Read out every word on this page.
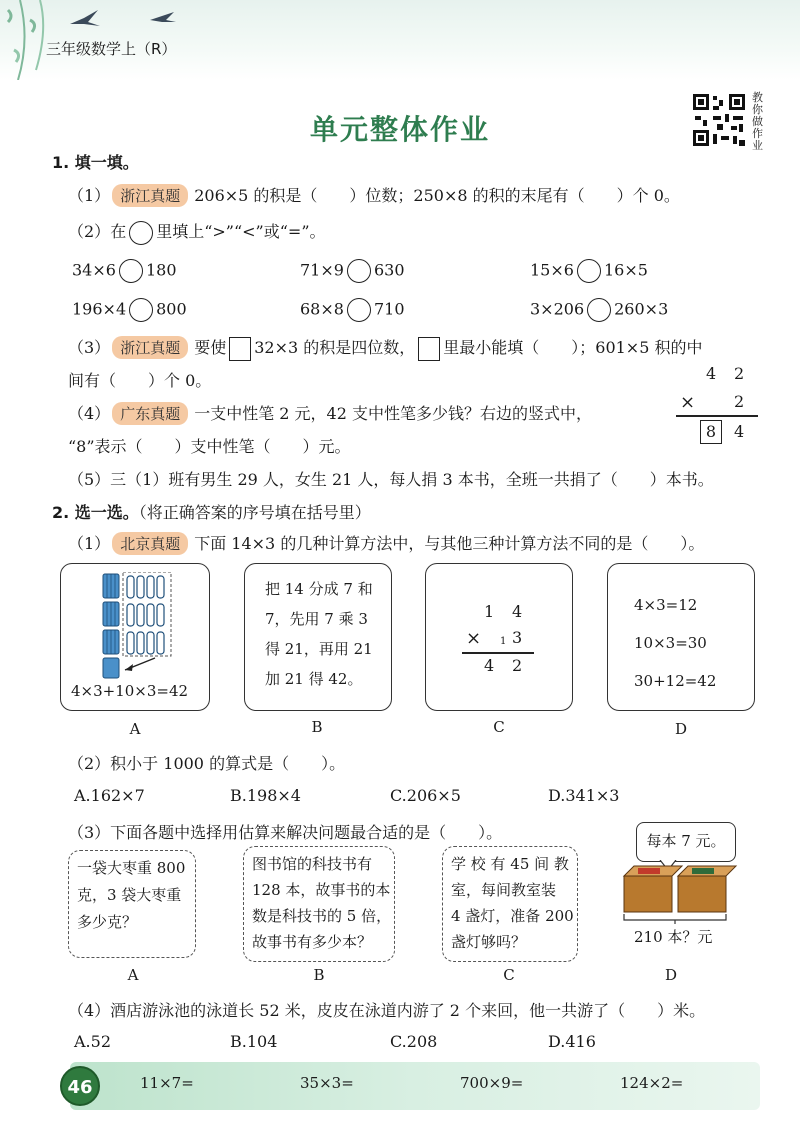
三年级数学上（R）
单元整体作业
教你做作业
1. 填一填。
（1） 浙江真题 206×5 的积是（　　）位数；250×8 的积的末尾有（　　）个 0。
（2）在 里填上“>”“<”或“=”。
34×6 180	71×9 630	15×6 16×5
196×4 800	68×8 710	3×206 260×3
（3） 浙江真题 要使 32×3 的积是四位数， 里最小能填（　　）；601×5 积的中
间有（　　）个 0。
（4） 广东真题 一支中性笔 2 元，42 支中性笔多少钱？右边的竖式中，
“8”表示（　　）支中性笔（　　）元。
4 2
× 2
8	4
（5）三（1）班有男生 29 人，女生 21 人，每人捐 3 本书，全班一共捐了（　　）本书。
2. 选一选。（将正确答案的序号填在括号里）
（1） 北京真题 下面 14×3 的几种计算方法中，与其他三种计算方法不同的是（　　）。
4×3+10×3=42
把 14 分成 7 和
7，先用 7 乘 3
得 21，再用 21
加 21 得 42。
1 4
× 1 3
4 2
4×3=12
10×3=30
30+12=42
A	B	C	D
（2）积小于 1000 的算式是（　　）。
A.162×7	B.198×4	C.206×5	D.341×3
（3）下面各题中选择用估算来解决问题最合适的是（　　）。
一袋大枣重 800
克，3 袋大枣重
多少克？
图书馆的科技书有
128 本，故事书的本
数是科技书的 5 倍，
故事书有多少本？
学 校 有 45 间 教
室，每间教室装
4 盏灯，准备 200
盏灯够吗？
每本 7 元。
210 本？元
A	B	C	D
（4）酒店游泳池的泳道长 52 米，皮皮在泳道内游了 2 个来回，他一共游了（　　）米。
A.52	B.104	C.208	D.416
46	11×7=	35×3=	700×9=	124×2=
